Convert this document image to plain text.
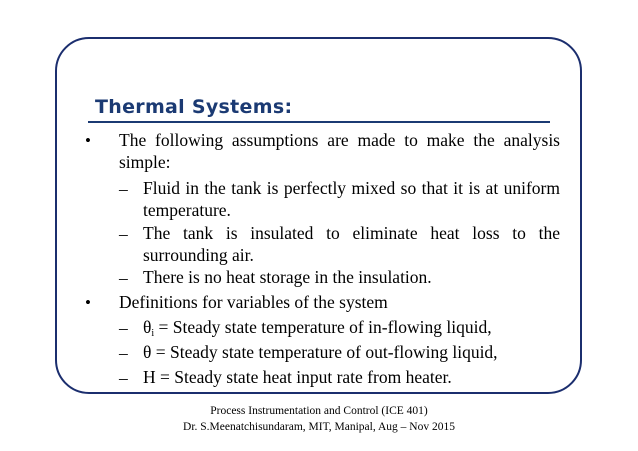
Thermal Systems:
• The following assumptions are made to make the analysis
simple:
– Fluid in the tank is perfectly mixed so that it is at uniform
temperature.
– The tank is insulated to eliminate heat loss to the
surrounding air.
– There is no heat storage in the insulation.
• Definitions for variables of the system
– $\theta_i$ = Steady state temperature of in-flowing liquid,
– θ = Steady state temperature of out-flowing liquid,
– H = Steady state heat input rate from heater.
Process Instrumentation and Control (ICE 401)
Dr. S.Meenatchisundaram, MIT, Manipal, Aug – Nov 2015
